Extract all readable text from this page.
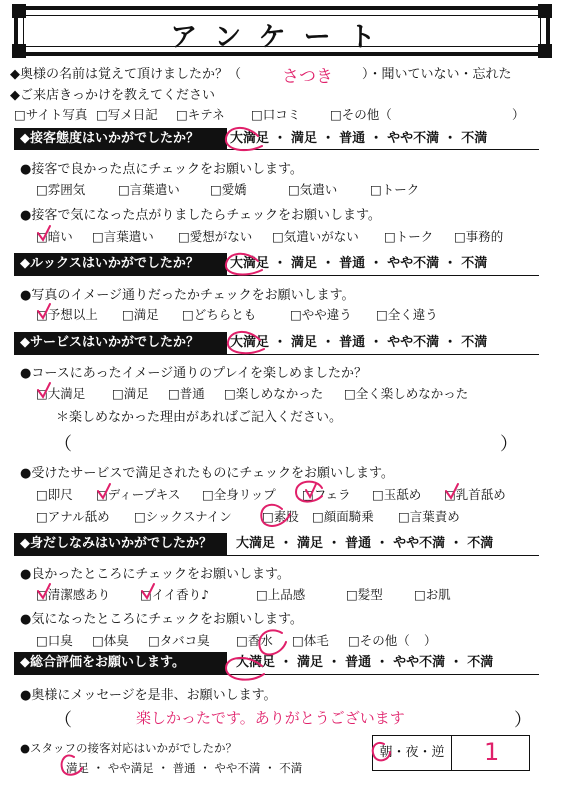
アンケート
◆奥様の名前は覚えて頂けましたか？（ さつき ）・聞いていない・忘れた
◆ご来店きっかけを教えてください
□サイト写真 □写メ日記 □キテネ □口コミ □その他（	）
◆接客態度はいかがでしたか？	大満足 ・ 満足 ・ 普通 ・ やや不満 ・ 不満
●接客で良かった点にチェックをお願いします。
□雰囲気	□言葉遣い □愛嬌	□気遣い	□トーク
●接客で気になった点がりましたらチェックをお願いします。
□暗い □言葉遣い □愛想がない □気遣いがない □トーク □事務的
◆ルックスはいかがでしたか？	大満足 ・ 満足 ・ 普通 ・ やや不満 ・ 不満
●写真のイメージ通りだったかチェックをお願いします。
□予想以上 □満足 □どちらとも	□やや違う □全く違う
◆サービスはいかがでしたか？	大満足 ・ 満足 ・ 普通 ・ やや不満 ・ 不満
●コースにあったイメージ通りのプレイを楽しめましたか？
□大満足 □満足 □普通 □楽しめなかった □全く楽しめなかった
＊楽しめなかった理由があればご記入ください。
（	）
●受けたサービスで満足されたものにチェックをお願いします。
□即尺 □ディープキス □全身リップ □フェラ □玉舐め □乳首舐め
□アナル舐め □シックスナイン □素股 □顔面騎乗 □言葉責め
◆身だしなみはいかがでしたか？	大満足 ・ 満足 ・ 普通 ・ やや不満 ・ 不満
●良かったところにチェックをお願いします。
□清潔感あり □イイ香り♪	□上品感	□髪型 □お肌
●気になったところにチェックをお願いします。
□口臭 □体臭 □タバコ臭 □香水 □体毛 □その他（ ）
◆総合評価をお願いします。	大満足 ・ 満足 ・ 普通 ・ やや不満 ・ 不満
●奥様にメッセージを是非、お願いします。
（	楽しかったです。ありがとうございます	）
●スタッフの接客対応はいかがでしたか？
満足 ・ やや満足 ・ 普通 ・ やや不満 ・ 不満
朝・夜・逆	1
